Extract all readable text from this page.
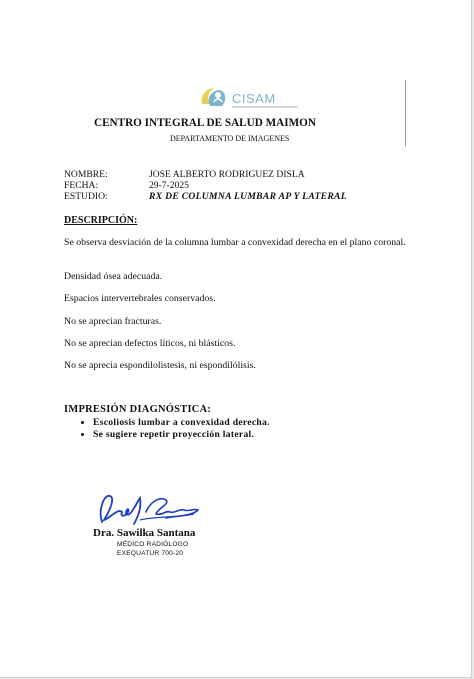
CISAM
CENTRO INTEGRAL DE SALUD MAIMON
DEPARTAMENTO DE IMAGENES
NOMBRE:	JOSE ALBERTO RODRIGUEZ DISLA
FECHA:	29-7-2025
ESTUDIO:	RX DE COLUMNA LUMBAR AP Y LATERAL
DESCRIPCIÓN:
Se observa desviación de la columna lumbar a convexidad derecha en el plano coronal.
Densidad ósea adecuada.
Espacios intervertebrales conservados.
No se aprecian fracturas.
No se aprecian defectos líticos, ni blásticos.
No se aprecia espondilolistesis, ni espondilólisis.
IMPRESIÓN DIAGNÓSTICA:
• Escoliosis lumbar a convexidad derecha.
• Se sugiere repetir proyección lateral.
Dra. Sawilka Santana
MÉDICO RADIÓLOGO
EXEQUATUR 700-20
